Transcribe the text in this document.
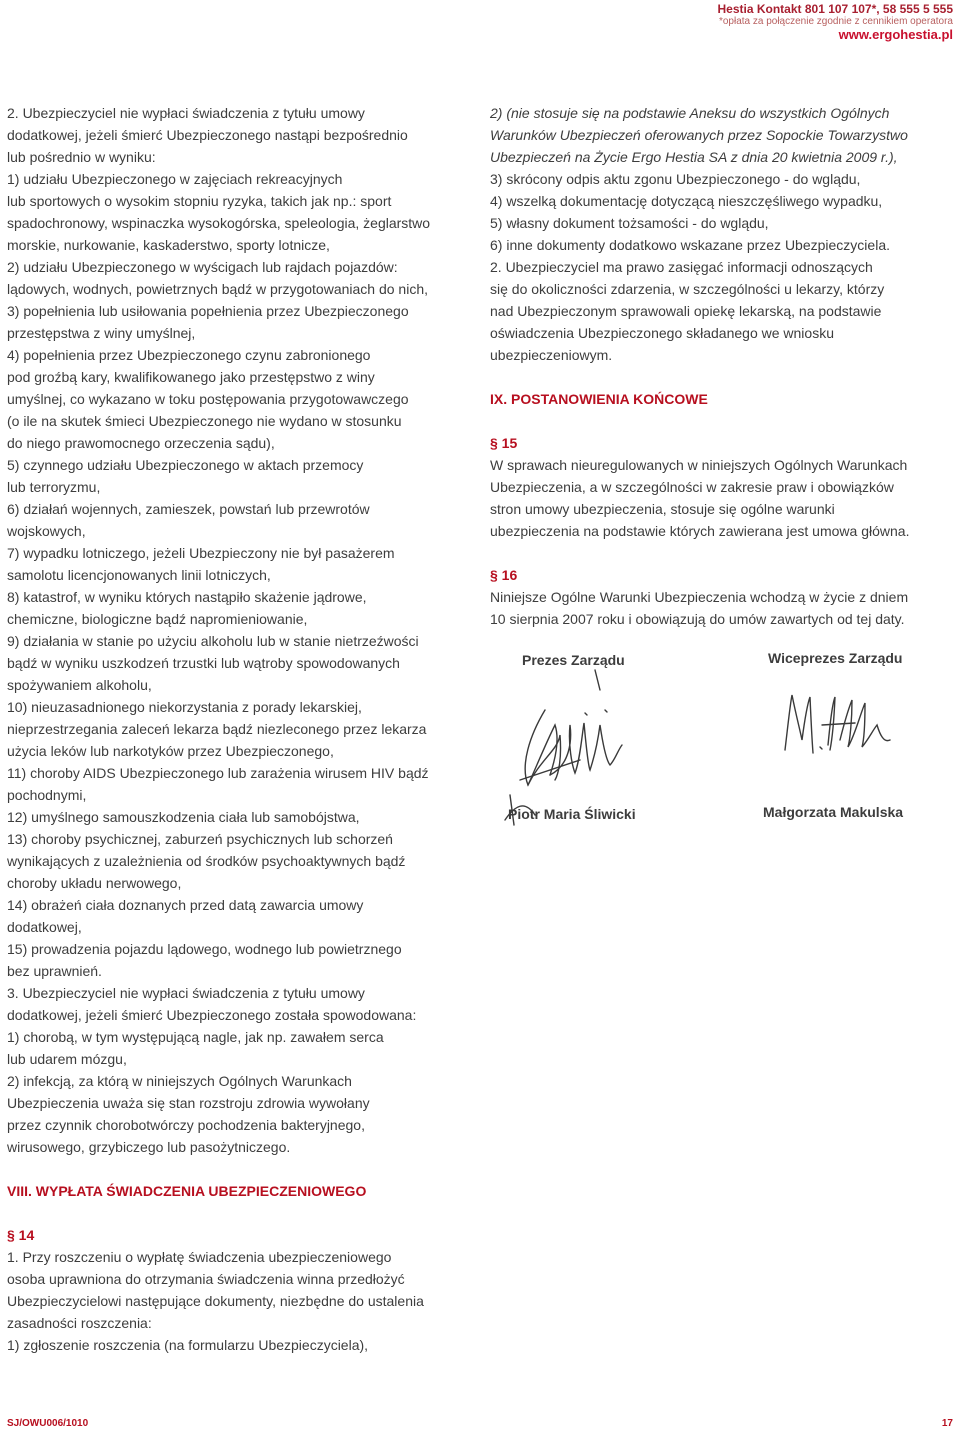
Hestia Kontakt 801 107 107*, 58 555 5 555
*opłata za połączenie zgodnie z cennikiem operatora
www.ergohestia.pl

2. Ubezpieczyciel nie wypłaci świadczenia z tytułu umowy

dodatkowej, jeżeli śmierć Ubezpieczonego nastąpi bezpośrednio

lub pośrednio w wyniku:

1) udziału Ubezpieczonego w zajęciach rekreacyjnych

lub sportowych o wysokim stopniu ryzyka, takich jak np.: sport

spadochronowy, wspinaczka wysokogórska, speleologia, żeglarstwo

morskie, nurkowanie, kaskaderstwo, sporty lotnicze,

2) udziału Ubezpieczonego w wyścigach lub rajdach pojazdów:

lądowych, wodnych, powietrznych bądź w przygotowaniach do nich,

3) popełnienia lub usiłowania popełnienia przez Ubezpieczonego

przestępstwa z winy umyślnej,

4) popełnienia przez Ubezpieczonego czynu zabronionego

pod groźbą kary, kwalifikowanego jako przestępstwo z winy

umyślnej, co wykazano w toku postępowania przygotowawczego

(o ile na skutek śmieci Ubezpieczonego nie wydano w stosunku

do niego prawomocnego orzeczenia sądu),

5) czynnego udziału Ubezpieczonego w aktach przemocy

lub terroryzmu,

6) działań wojennych, zamieszek, powstań lub przewrotów

wojskowych,

7) wypadku lotniczego, jeżeli Ubezpieczony nie był pasażerem

samolotu licencjonowanych linii lotniczych,

8) katastrof, w wyniku których nastąpiło skażenie jądrowe,

chemiczne, biologiczne bądź napromieniowanie,

9) działania w stanie po użyciu alkoholu lub w stanie nietrzeźwości

bądź w wyniku uszkodzeń trzustki lub wątroby spowodowanych

spożywaniem alkoholu,

10) nieuzasadnionego niekorzystania z porady lekarskiej,

nieprzestrzegania zaleceń lekarza bądź niezleconego przez lekarza

użycia leków lub narkotyków przez Ubezpieczonego,

11) choroby AIDS Ubezpieczonego lub zarażenia wirusem HIV bądź

pochodnymi,

12) umyślnego samouszkodzenia ciała lub samobójstwa,

13) choroby psychicznej, zaburzeń psychicznych lub schorzeń

wynikających z uzależnienia od środków psychoaktywnych bądź

choroby układu nerwowego,

14) obrażeń ciała doznanych przed datą zawarcia umowy

dodatkowej,

15) prowadzenia pojazdu lądowego, wodnego lub powietrznego

bez uprawnień.

3. Ubezpieczyciel nie wypłaci świadczenia z tytułu umowy

dodatkowej, jeżeli śmierć Ubezpieczonego została spowodowana:

1) chorobą, w tym występującą nagle, jak np. zawałem serca

lub udarem mózgu,

2) infekcją, za którą w niniejszych Ogólnych Warunkach

Ubezpieczenia uważa się stan rozstroju zdrowia wywołany

przez czynnik chorobotwórczy pochodzenia bakteryjnego,

wirusowego, grzybiczego lub pasożytniczego.

VIII. WYPŁATA ŚWIADCZENIA UBEZPIECZENIOWEGO

§ 14

1. Przy roszczeniu o wypłatę świadczenia ubezpieczeniowego

osoba uprawniona do otrzymania świadczenia winna przedłożyć

Ubezpieczycielowi następujące dokumenty, niezbędne do ustalenia

zasadności roszczenia:

1) zgłoszenie roszczenia (na formularzu Ubezpieczyciela),

2) (nie stosuje się na podstawie Aneksu do wszystkich Ogólnych

Warunków Ubezpieczeń oferowanych przez Sopockie Towarzystwo

Ubezpieczeń na Życie Ergo Hestia SA z dnia 20 kwietnia 2009 r.),

3) skrócony odpis aktu zgonu Ubezpieczonego - do wglądu,

4) wszelką dokumentację dotyczącą nieszczęśliwego wypadku,

5) własny dokument tożsamości - do wglądu,

6) inne dokumenty dodatkowo wskazane przez Ubezpieczyciela.

2. Ubezpieczyciel ma prawo zasięgać informacji odnoszących

się do okoliczności zdarzenia, w szczególności u lekarzy, którzy

nad Ubezpieczonym sprawowali opiekę lekarską, na podstawie

oświadczenia Ubezpieczonego składanego we wniosku

ubezpieczeniowym.

IX. POSTANOWIENIA KOŃCOWE

§ 15

W sprawach nieuregulowanych w niniejszych Ogólnych Warunkach

Ubezpieczenia, a w szczególności w zakresie praw i obowiązków

stron umowy ubezpieczenia, stosuje się ogólne warunki

ubezpieczenia na podstawie których zawierana jest umowa główna.

§ 16

Niniejsze Ogólne Warunki Ubezpieczenia wchodzą w życie z dniem

10 sierpnia 2007 roku i obowiązują do umów zawartych od tej daty.

Prezes Zarządu	Wiceprezes Zarządu
Piotr Maria Śliwicki	Małgorzata Makulska
SJ/OWU006/1010	17
